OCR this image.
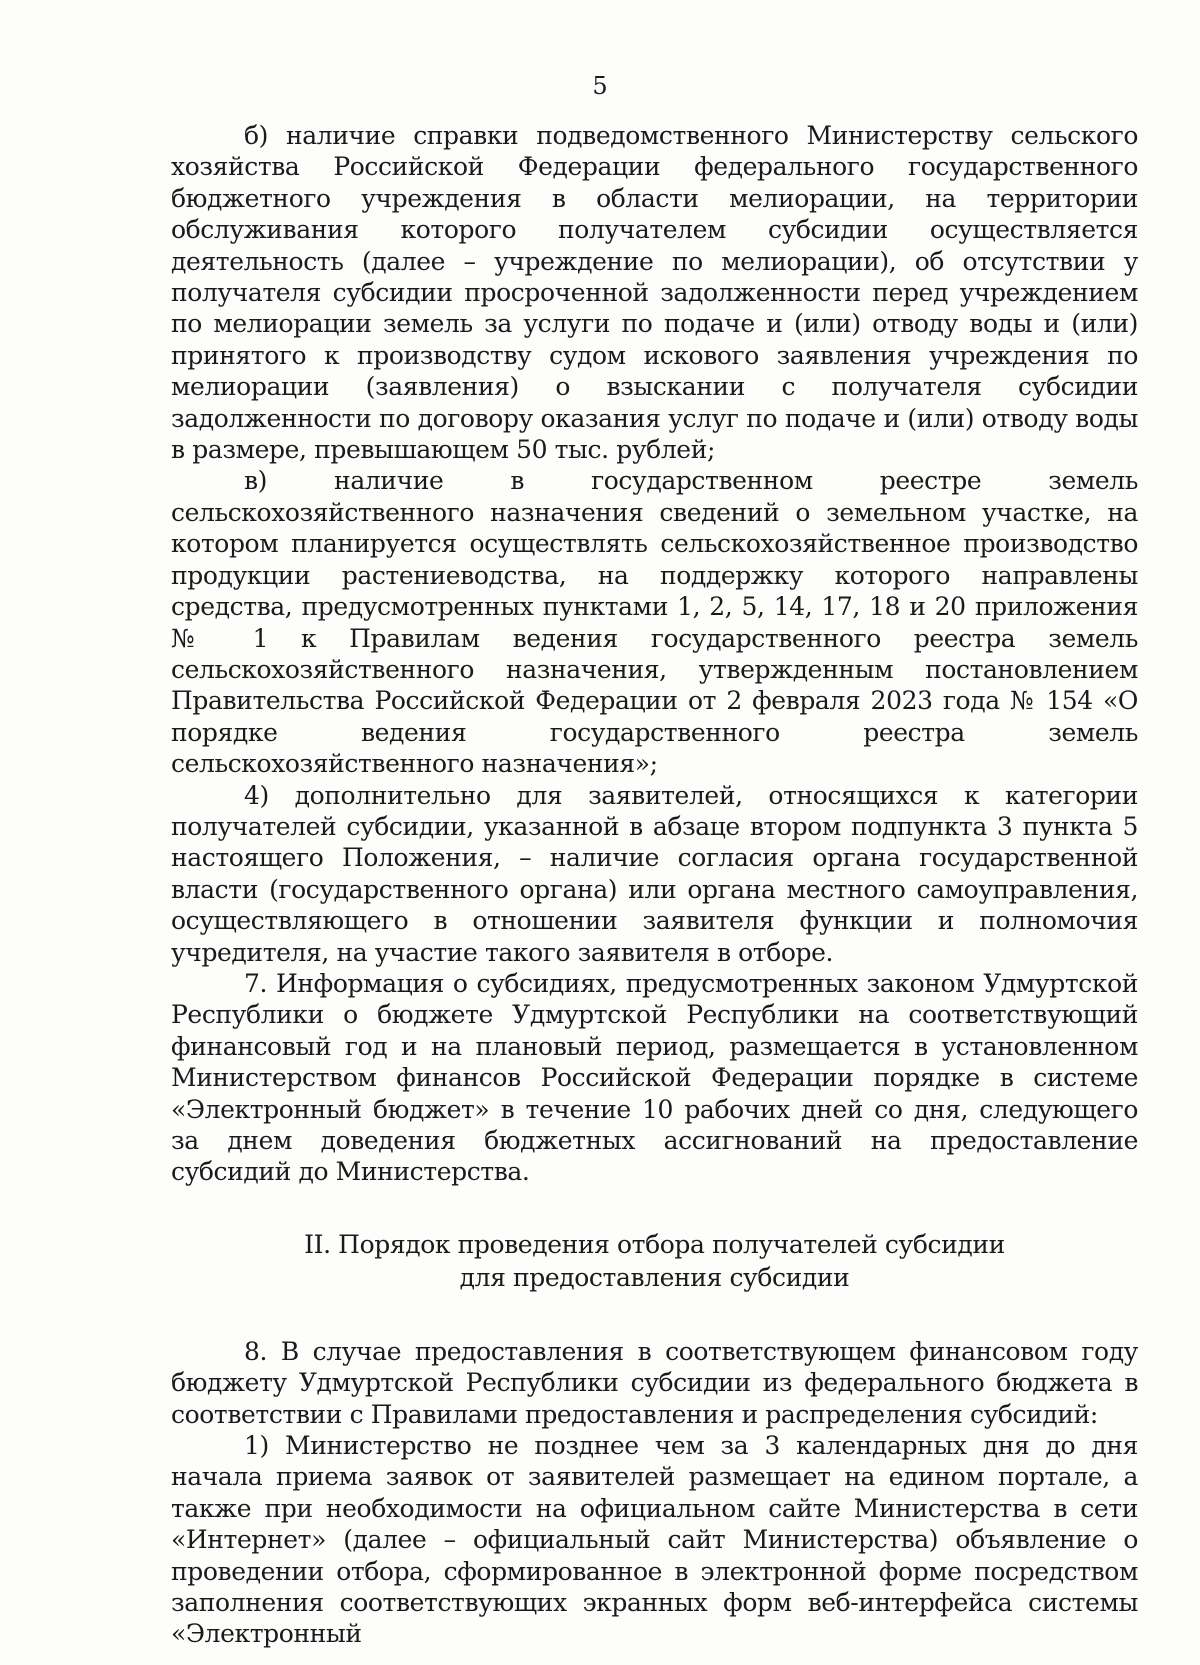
5

б) наличие справки подведомственного Министерству сельского хозяйства Российской Федерации федерального государственного бюджетного учреждения в области мелиорации, на территории обслуживания которого получателем субсидии осуществляется деятельность (далее – учреждение по мелиорации), об отсутствии у получателя субсидии просроченной задолженности перед учреждением по мелиорации земель за услуги по подаче и (или) отводу воды и (или) принятого к производству судом искового заявления учреждения по мелиорации (заявления) о взыскании с получателя субсидии задолженности по договору оказания услуг по подаче и (или) отводу воды в размере, превышающем 50 тыс. рублей;

в) наличие в государственном реестре земель сельскохозяйственного назначения сведений о земельном участке, на котором планируется осуществлять сельскохозяйственное производство продукции растениеводства, на поддержку которого направлены средства, предусмотренных пунктами 1, 2, 5, 14, 17, 18 и 20 приложения № 1 к Правилам ведения государственного реестра земель сельскохозяйственного назначения, утвержденным постановлением Правительства Российской Федерации от 2 февраля 2023 года № 154 «О порядке ведения государственного реестра земель сельскохозяйственного назначения»;

4) дополнительно для заявителей, относящихся к категории получателей субсидии, указанной в абзаце втором подпункта 3 пункта 5 настоящего Положения, – наличие согласия органа государственной власти (государственного органа) или органа местного самоуправления, осуществляющего в отношении заявителя функции и полномочия учредителя, на участие такого заявителя в отборе.

7. Информация о субсидиях, предусмотренных законом Удмуртской Республики о бюджете Удмуртской Республики на соответствующий финансовый год и на плановый период, размещается в установленном Министерством финансов Российской Федерации порядке в системе «Электронный бюджет» в течение 10 рабочих дней со дня, следующего за днем доведения бюджетных ассигнований на предоставление субсидий до Министерства.

II. Порядок проведения отбора получателей субсидии
для предоставления субсидии

8. В случае предоставления в соответствующем финансовом году бюджету Удмуртской Республики субсидии из федерального бюджета в соответствии с Правилами предоставления и распределения субсидий:

1) Министерство не позднее чем за 3 календарных дня до дня начала приема заявок от заявителей размещает на едином портале, а также при необходимости на официальном сайте Министерства в сети «Интернет» (далее – официальный сайт Министерства) объявление о проведении отбора, сформированное в электронной форме посредством заполнения соответствующих экранных форм веб-интерфейса системы «Электронный
